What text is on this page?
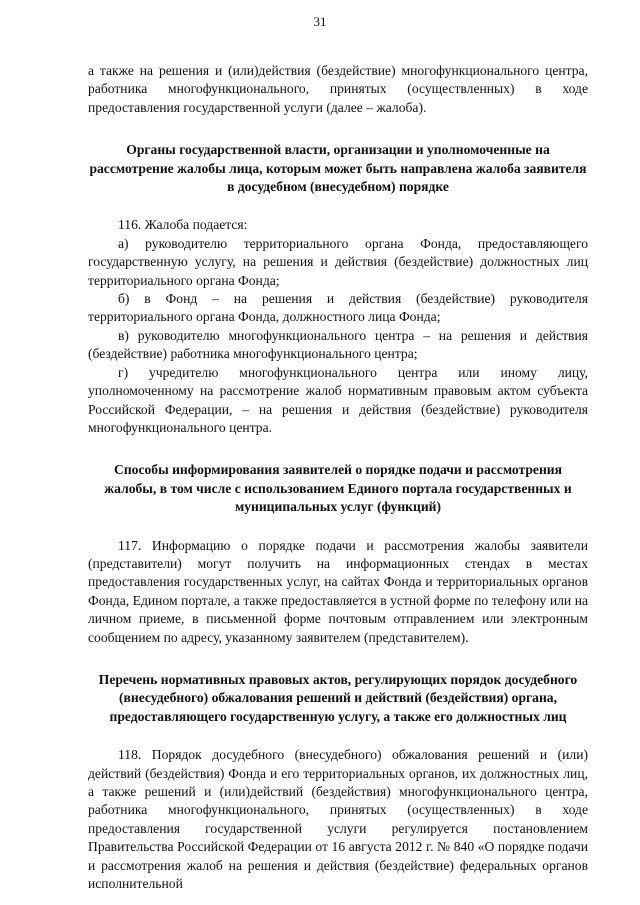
31

а также на решения и (или)действия (бездействие) многофункционального центра, работника многофункционального, принятых (осуществленных) в ходе предоставления государственной услуги (далее – жалоба).

Органы государственной власти, организации и уполномоченные на рассмотрение жалобы лица, которым может быть направлена жалоба заявителя в досудебном (внесудебном) порядке

116. Жалоба подается:

а) руководителю территориального органа Фонда, предоставляющего государственную услугу, на решения и действия (бездействие) должностных лиц территориального органа Фонда;

б) в Фонд – на решения и действия (бездействие) руководителя территориального органа Фонда, должностного лица Фонда;

в) руководителю многофункционального центра – на решения и действия (бездействие) работника многофункционального центра;

г) учредителю многофункционального центра или иному лицу, уполномоченному на рассмотрение жалоб нормативным правовым актом субъекта Российской Федерации, – на решения и действия (бездействие) руководителя многофункционального центра.

Способы информирования заявителей о порядке подачи и рассмотрения жалобы, в том числе с использованием Единого портала государственных и муниципальных услуг (функций)

117. Информацию о порядке подачи и рассмотрения жалобы заявители (представители) могут получить на информационных стендах в местах предоставления государственных услуг, на сайтах Фонда и территориальных органов Фонда, Едином портале, а также предоставляется в устной форме по телефону или на личном приеме, в письменной форме почтовым отправлением или электронным сообщением по адресу, указанному заявителем (представителем).

Перечень нормативных правовых актов, регулирующих порядок досудебного (внесудебного) обжалования решений и действий (бездействия) органа, предоставляющего государственную услугу, а также его должностных лиц

118. Порядок досудебного (внесудебного) обжалования решений и (или) действий (бездействия) Фонда и его территориальных органов, их должностных лиц, а также решений и (или)действий (бездействия) многофункционального центра, работника многофункционального, принятых (осуществленных) в ходе предоставления государственной услуги регулируется постановлением Правительства Российской Федерации от 16 августа 2012 г. № 840 «О порядке подачи и рассмотрения жалоб на решения и действия (бездействие) федеральных органов исполнительной
